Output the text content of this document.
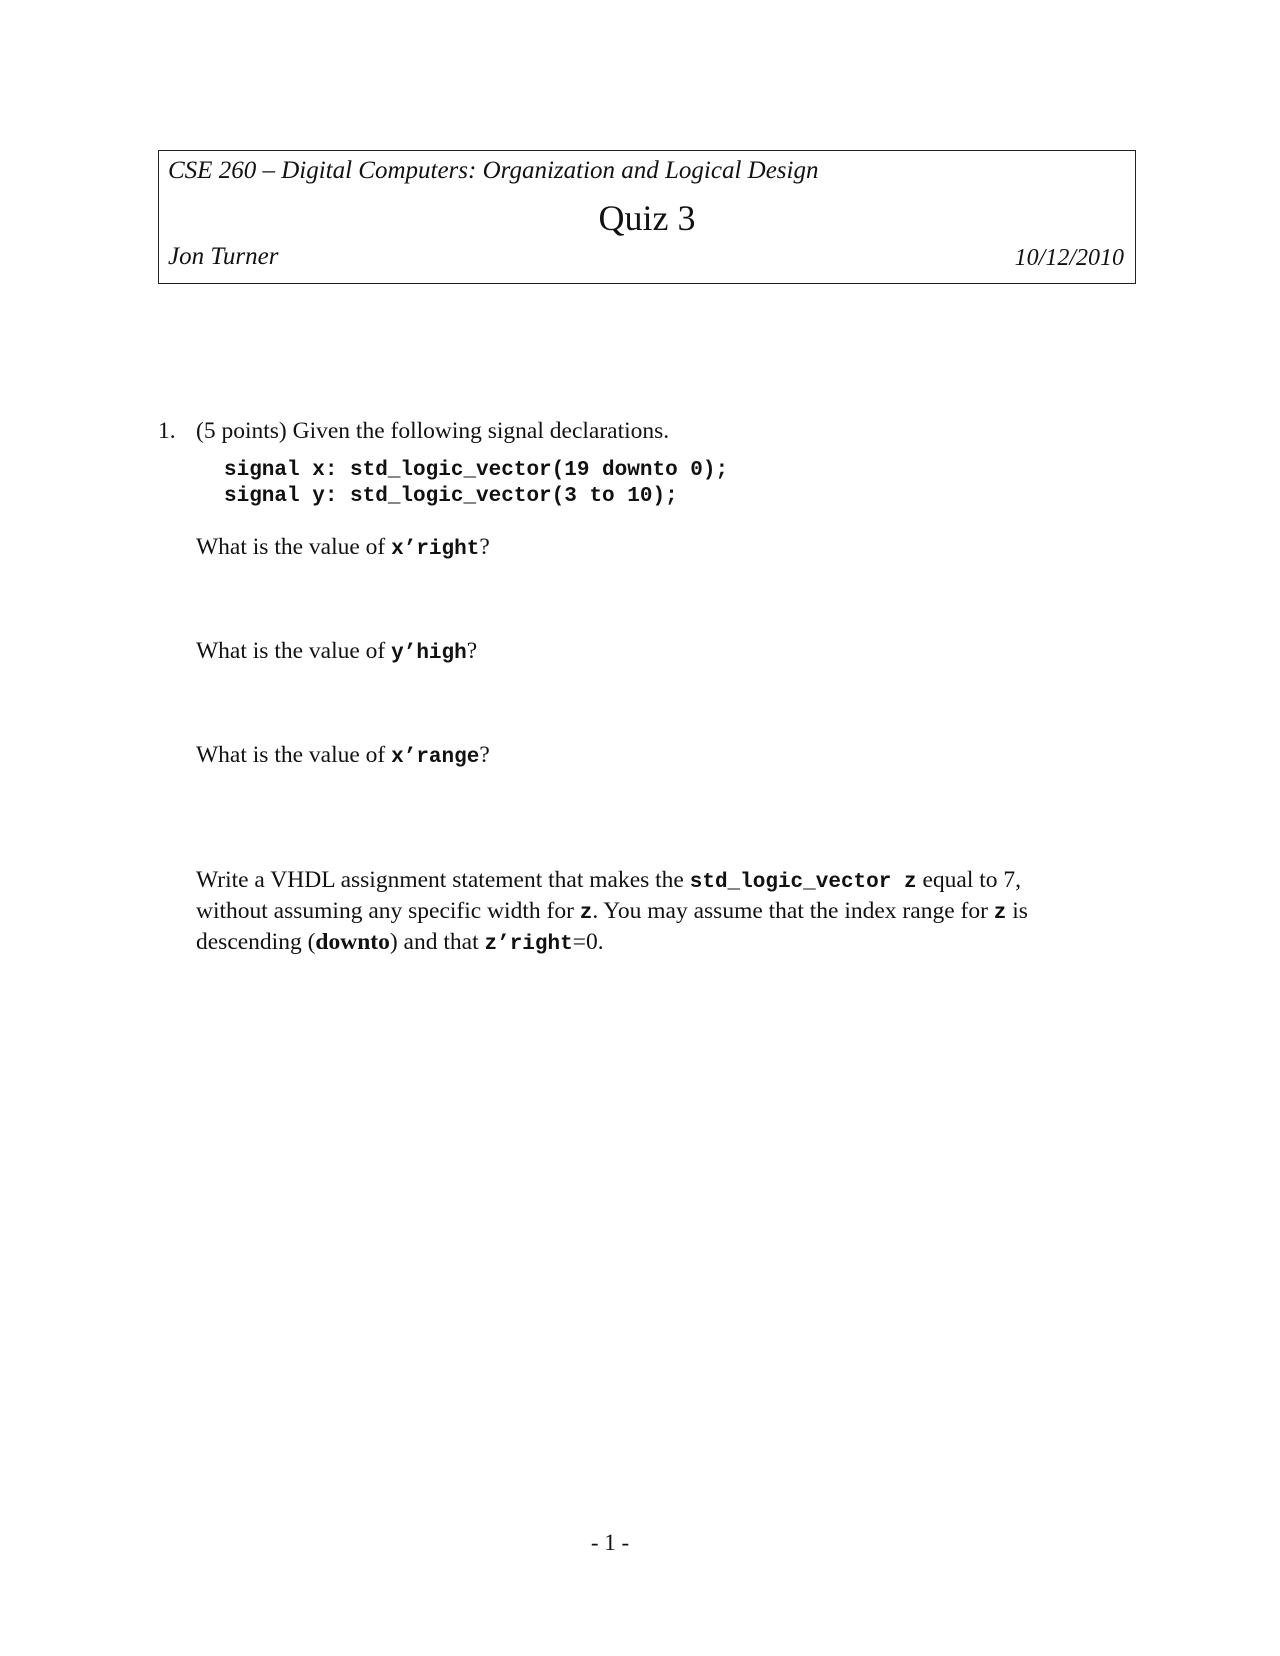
CSE 260 – Digital Computers: Organization and Logical Design
Quiz 3
Jon Turner	10/12/2010
1. (5 points) Given the following signal declarations.
signal x: std_logic_vector(19 downto 0);
signal y: std_logic_vector(3 to 10);
What is the value of x’right?
What is the value of y’high?
What is the value of x’range?
Write a VHDL assignment statement that makes the std_logic_vector z equal to 7,
without assuming any specific width for z. You may assume that the index range for z is
descending (downto) and that z’right=0.
- 1 -
